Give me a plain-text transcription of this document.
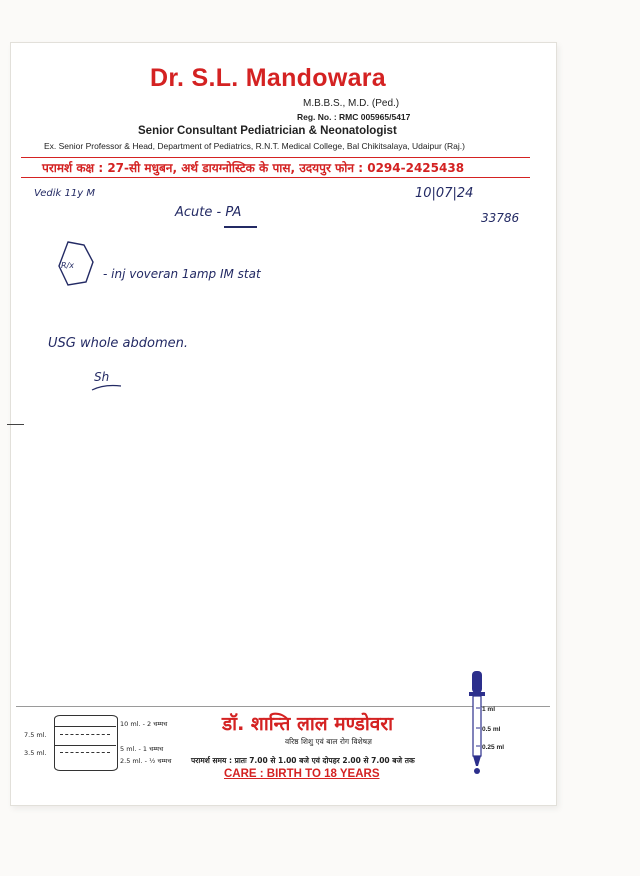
Dr. S.L. Mandowara
M.B.B.S., M.D. (Ped.)
Reg. No. : RMC 005965/5417
Senior Consultant Pediatrician & Neonatologist
Ex. Senior Professor & Head, Department of Pediatrics, R.N.T. Medical College, Bal Chikitsalaya, Udaipur (Raj.)
परामर्श कक्ष : 27-सी मधुबन, अर्थ डायग्नोस्टिक के पास, उदयपुर फोन : 0294-2425438
Vedik 11y M	10|07|24
33786
Acute - PA
R/x
- inj voveran 1amp IM stat
USG whole abdomen.
Sh
10 ml. - 2 चम्मच
5 ml. - 1 चम्मच
2.5 ml. - ½ चम्मच
7.5 ml.
3.5 ml.
डॉ. शान्ति लाल मण्डोवरा
वरिष्ठ शिशु एवं बाल रोग विशेषज्ञ
परामर्श समय : प्रातः 7.00 से 1.00 बजे एवं दोपहर 2.00 से 7.00 बजे तक
CARE : BIRTH TO 18 YEARS
1 ml
0.5 ml
0.25 ml
